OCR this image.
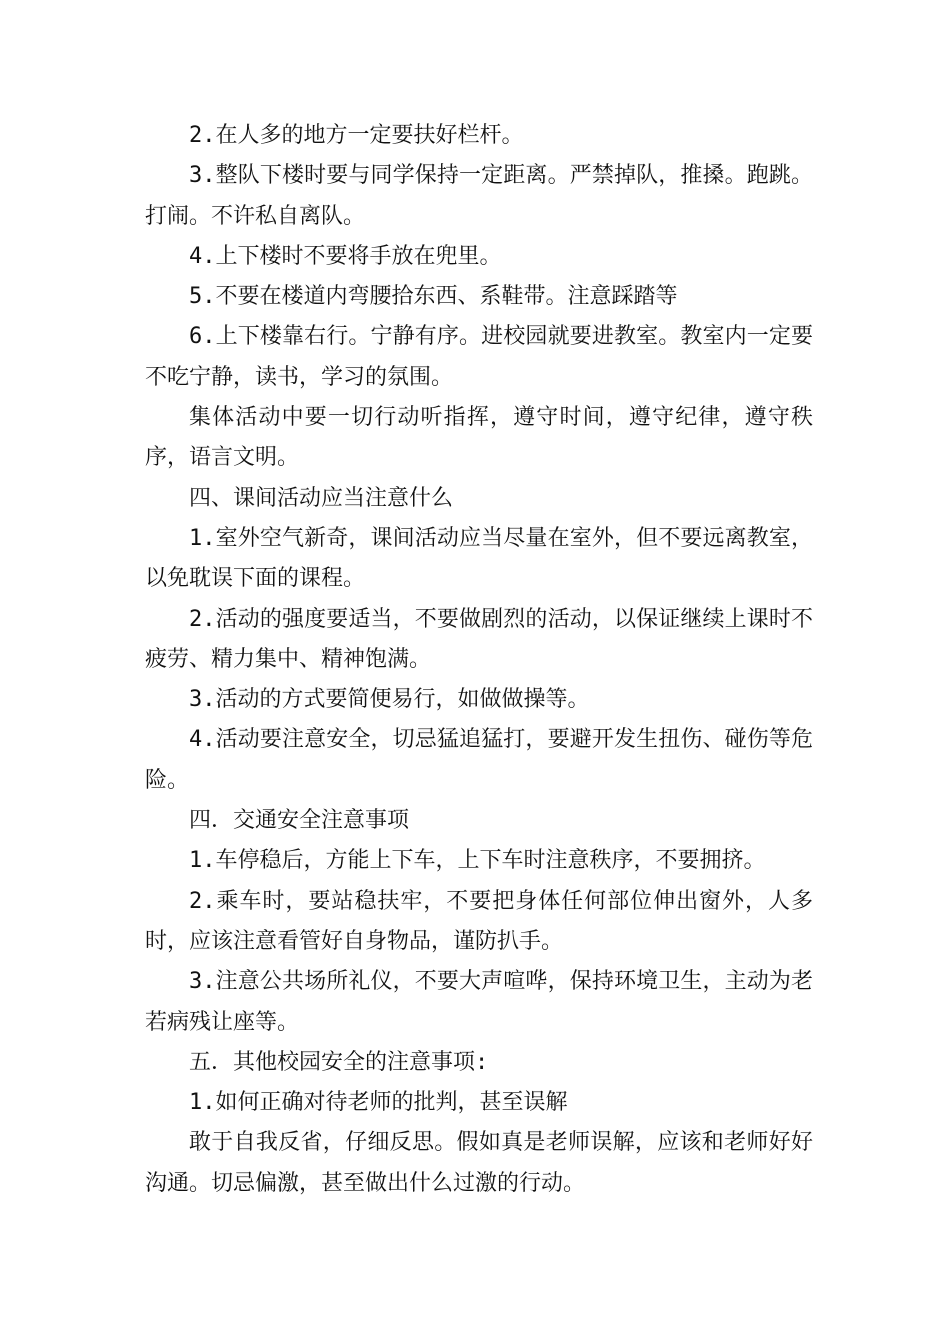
2.在人多的地方一定要扶好栏杆。

3.整队下楼时要与同学保持一定距离。严禁掉队，推搡。跑跳。打闹。不许私自离队。

4.上下楼时不要将手放在兜里。

5.不要在楼道内弯腰拾东西、系鞋带。注意踩踏等

6.上下楼靠右行。宁静有序。进校园就要进教室。教室内一定要不吃宁静，读书，学习的氛围。

集体活动中要一切行动听指挥，遵守时间，遵守纪律，遵守秩序，语言文明。

四、课间活动应当注意什么

1.室外空气新奇，课间活动应当尽量在室外，但不要远离教室，以免耽误下面的课程。

2.活动的强度要适当，不要做剧烈的活动，以保证继续上课时不疲劳、精力集中、精神饱满。

3.活动的方式要简便易行，如做做操等。

4.活动要注意安全，切忌猛追猛打，要避开发生扭伤、碰伤等危险。

四．交通安全注意事项

1.车停稳后，方能上下车，上下车时注意秩序，不要拥挤。

2.乘车时，要站稳扶牢，不要把身体任何部位伸出窗外，人多时，应该注意看管好自身物品，谨防扒手。

3.注意公共场所礼仪，不要大声喧哗，保持环境卫生，主动为老若病残让座等。

五．其他校园安全的注意事项:

1.如何正确对待老师的批判，甚至误解

敢于自我反省，仔细反思。假如真是老师误解，应该和老师好好沟通。切忌偏激，甚至做出什么过激的行动。
